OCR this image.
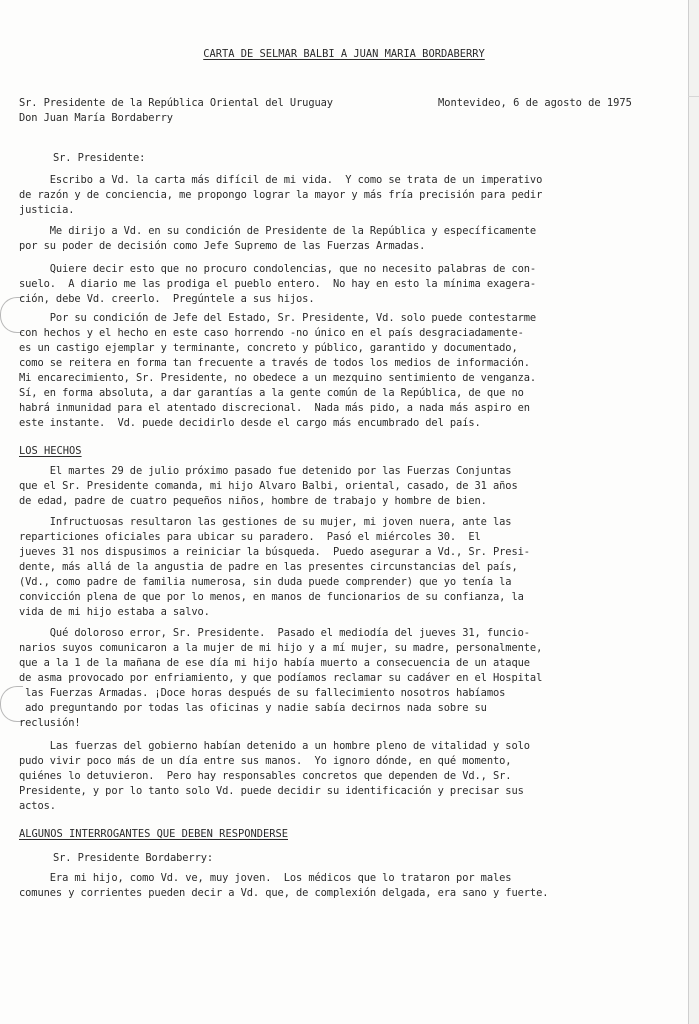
CARTA DE SELMAR BALBI A JUAN MARIA BORDABERRY
Sr. Presidente de la República Oriental del Uruguay	Montevideo, 6 de agosto de 1975
Don Juan María Bordaberry
Sr. Presidente:
Escribo a Vd. la carta más difícil de mi vida.  Y como se trata de un imperativo
de razón y de conciencia, me propongo lograr la mayor y más fría precisión para pedir
justicia.
Me dirijo a Vd. en su condición de Presidente de la República y específicamente
por su poder de decisión como Jefe Supremo de las Fuerzas Armadas.
Quiere decir esto que no procuro condolencias, que no necesito palabras de con-
suelo.  A diario me las prodiga el pueblo entero.  No hay en esto la mínima exagera-
ción, debe Vd. creerlo.  Pregúntele a sus hijos.
Por su condición de Jefe del Estado, Sr. Presidente, Vd. solo puede contestarme
con hechos y el hecho en este caso horrendo -no único en el país desgraciadamente-
es un castigo ejemplar y terminante, concreto y público, garantido y documentado,
como se reitera en forma tan frecuente a través de todos los medios de información.
Mi encarecimiento, Sr. Presidente, no obedece a un mezquino sentimiento de venganza.
Sí, en forma absoluta, a dar garantías a la gente común de la República, de que no
habrá inmunidad para el atentado discrecional.  Nada más pido, a nada más aspiro en
este instante.  Vd. puede decidirlo desde el cargo más encumbrado del país.
LOS HECHOS
El martes 29 de julio próximo pasado fue detenido por las Fuerzas Conjuntas
que el Sr. Presidente comanda, mi hijo Alvaro Balbi, oriental, casado, de 31 años
de edad, padre de cuatro pequeños niños, hombre de trabajo y hombre de bien.
Infructuosas resultaron las gestiones de su mujer, mi joven nuera, ante las
reparticiones oficiales para ubicar su paradero.  Pasó el miércoles 30.  El
jueves 31 nos dispusimos a reiniciar la búsqueda.  Puedo asegurar a Vd., Sr. Presi-
dente, más allá de la angustia de padre en las presentes circunstancias del país,
(Vd., como padre de familia numerosa, sin duda puede comprender) que yo tenía la
convicción plena de que por lo menos, en manos de funcionarios de su confianza, la
vida de mi hijo estaba a salvo.
Qué doloroso error, Sr. Presidente.  Pasado el mediodía del jueves 31, funcio-
narios suyos comunicaron a la mujer de mi hijo y a mí mujer, su madre, personalmente,
que a la 1 de la mañana de ese día mi hijo había muerto a consecuencia de un ataque
de asma provocado por enfriamiento, y que podíamos reclamar su cadáver en el Hospital
las Fuerzas Armadas. ¡Doce horas después de su fallecimiento nosotros habíamos
ado preguntando por todas las oficinas y nadie sabía decirnos nada sobre su
reclusión!
Las fuerzas del gobierno habían detenido a un hombre pleno de vitalidad y solo
pudo vivir poco más de un día entre sus manos.  Yo ignoro dónde, en qué momento,
quiénes lo detuvieron.  Pero hay responsables concretos que dependen de Vd., Sr.
Presidente, y por lo tanto solo Vd. puede decidir su identificación y precisar sus
actos.
ALGUNOS INTERROGANTES QUE DEBEN RESPONDERSE
Sr. Presidente Bordaberry:
Era mi hijo, como Vd. ve, muy joven.  Los médicos que lo trataron por males
comunes y corrientes pueden decir a Vd. que, de complexión delgada, era sano y fuerte.
